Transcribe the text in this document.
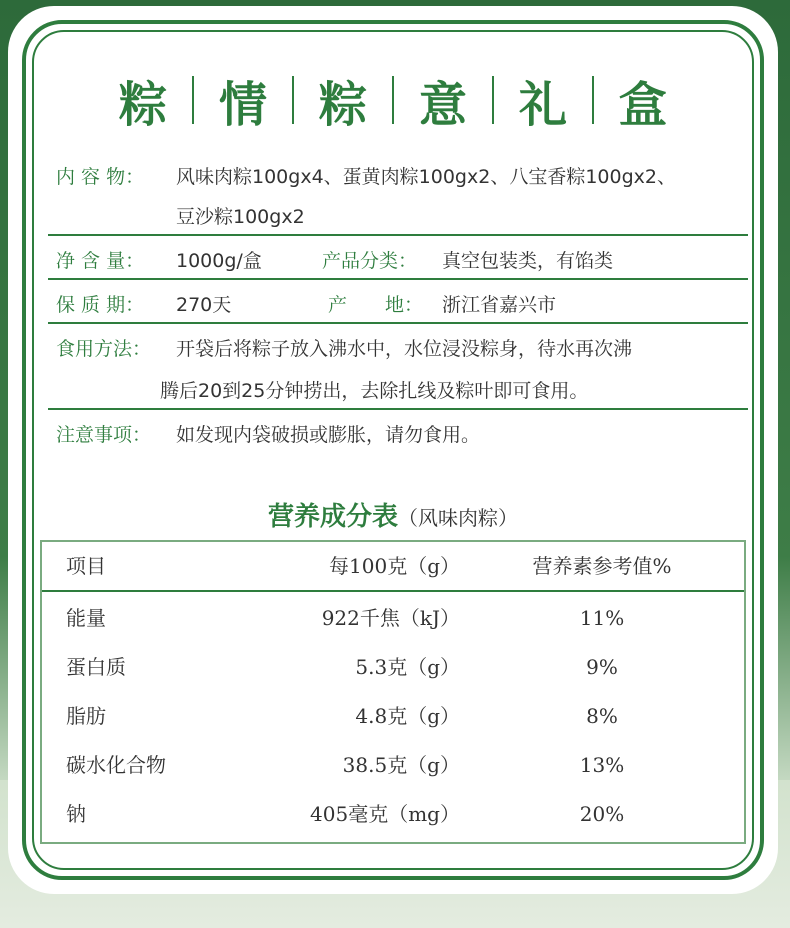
粽 情 粽 意 礼 盒
内 容 物： 风味肉粽100gx4、蛋黄肉粽100gx2、八宝香粽100gx2、
豆沙粽100gx2
净 含 量： 1000g/盒	产品分类： 真空包装类，有馅类
保 质 期： 270天	产　　地： 浙江省嘉兴市
食用方法： 开袋后将粽子放入沸水中，水位浸没粽身，待水再次沸
腾后20到25分钟捞出，去除扎线及粽叶即可食用。
注意事项： 如发现内袋破损或膨胀，请勿食用。
营养成分表（风味肉粽）
项目	每100克（g）	营养素参考值%
能量	922千焦（kJ）	11%
蛋白质	5.3克（g）	9%
脂肪	4.8克（g）	8%
碳水化合物	38.5克（g）	13%
钠	405毫克（mg）	20%
